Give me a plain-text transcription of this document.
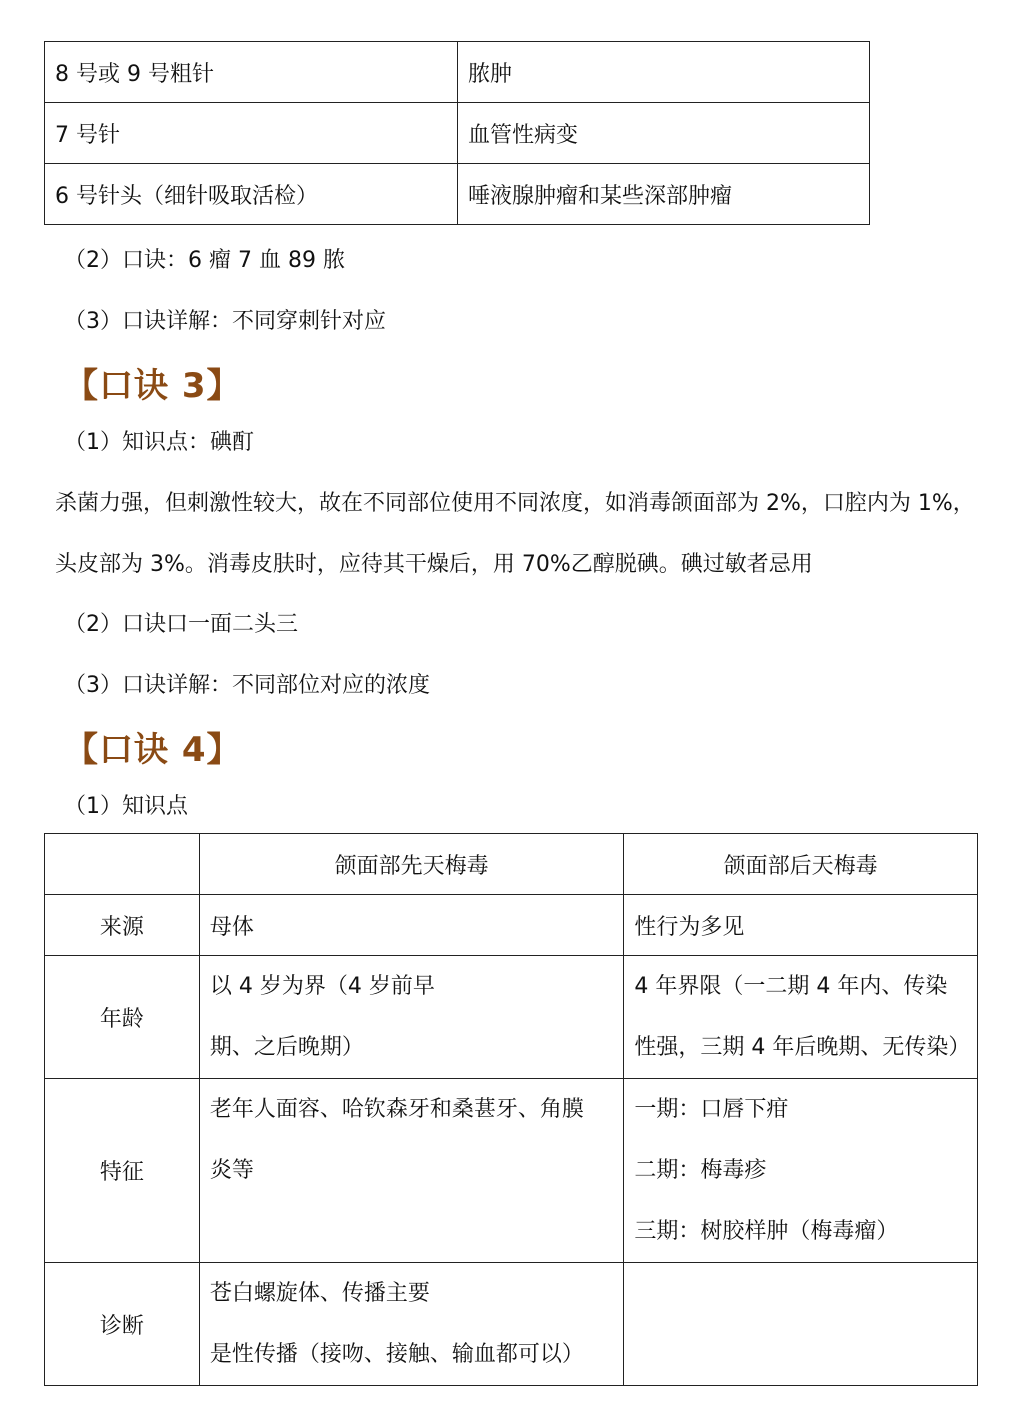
8 号或 9 号粗针	脓肿
7 号针	血管性病变
6 号针头（细针吸取活检）	唾液腺肿瘤和某些深部肿瘤
（2）口诀：6 瘤 7 血 89 脓
（3）口诀详解：不同穿刺针对应
【口诀 3】
（1）知识点：碘酊
杀菌力强，但刺激性较大，故在不同部位使用不同浓度，如消毒颌面部为 2%，口腔内为 1%，
头皮部为 3%。消毒皮肤时，应待其干燥后，用 70%乙醇脱碘。碘过敏者忌用
（2）口诀口一面二头三
（3）口诀详解：不同部位对应的浓度
【口诀 4】
（1）知识点
	颌面部先天梅毒	颌面部后天梅毒
来源	母体	性行为多见
年龄	以 4 岁为界（4 岁前早
期、之后晚期）	4 年界限（一二期 4 年内、传染
性强，三期 4 年后晚期、无传染）

特征	老年人面容、哈钦森牙和桑葚牙、角膜
炎等	一期：口唇下疳
二期：梅毒疹
三期：树胶样肿（梅毒瘤）

诊断	苍白螺旋体、传播主要
是性传播（接吻、接触、输血都可以）	
